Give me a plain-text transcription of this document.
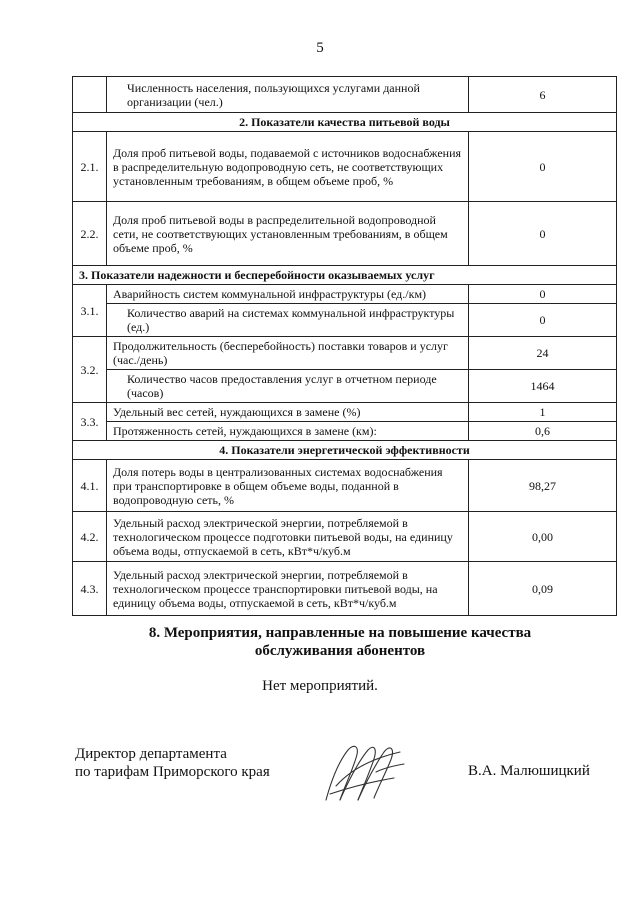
5
	Численность населения, пользующихся услугами данной организации (чел.)	6
2. Показатели качества питьевой воды		
2.1.	Доля проб питьевой воды, подаваемой с источников водоснабжения в распределительную водопроводную сеть, не соответствующих установленным требованиям, в общем объеме проб, %	0
2.2.	Доля проб питьевой воды в распределительной водопроводной сети, не соответствующих установленным требованиям, в общем объеме проб, %	0
3. Показатели надежности и бесперебойности оказываемых услуг		
3.1.	Аварийность систем коммунальной инфраструктуры (ед./км)	0
	Количество аварий на системах коммунальной инфраструктуры (ед.)	0
3.2.	Продолжительность (бесперебойность) поставки товаров и услуг (час./день)	24
	Количество часов предоставления услуг в отчетном периоде (часов)	1464
3.3.	Удельный вес сетей, нуждающихся в замене (%)	1
	Протяженность сетей, нуждающихся в замене (км):	0,6
4. Показатели энергетической эффективности		
4.1.	Доля потерь воды в централизованных системах водоснабжения при транспортировке в общем объеме воды, поданной в водопроводную сеть, %	98,27
4.2.	Удельный расход электрической энергии, потребляемой в технологическом процессе подготовки питьевой воды, на единицу объема воды, отпускаемой в сеть, кВт*ч/куб.м	0,00
4.3.	Удельный расход электрической энергии, потребляемой в технологическом процессе транспортировки питьевой воды, на единицу объема воды, отпускаемой в сеть, кВт*ч/куб.м	0,09
8. Мероприятия, направленные на повышение качества
обслуживания абонентов
Нет мероприятий.
Директор департамента
по тарифам Приморского края	В.А. Малюшицкий
